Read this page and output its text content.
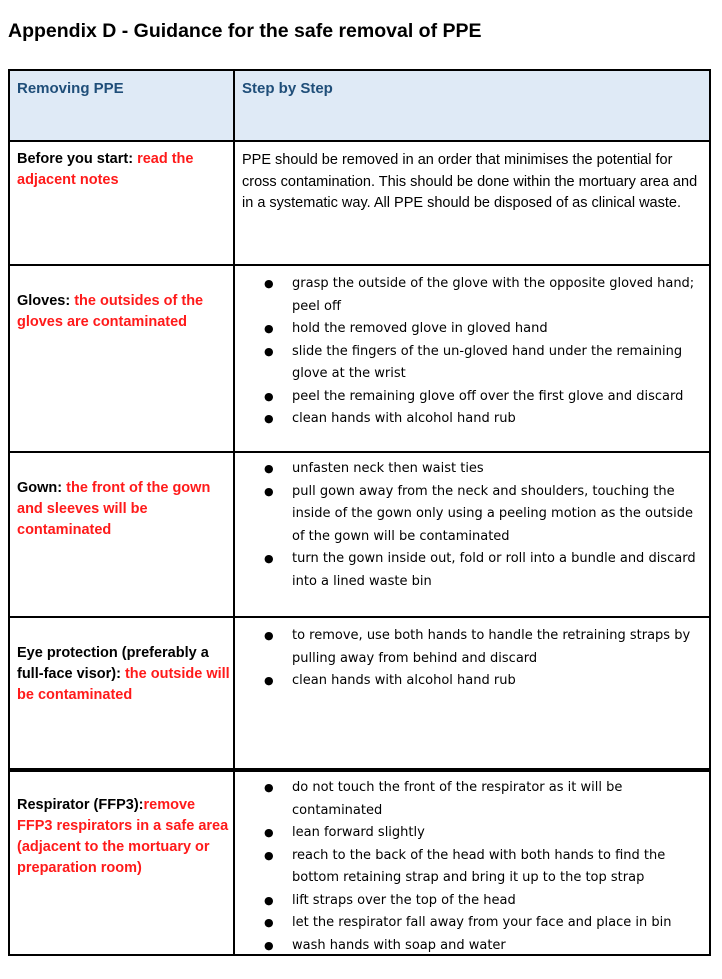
Appendix D - Guidance for the safe removal of PPE
Removing PPE	Step by Step
Before you start: read the adjacent notes
PPE should be removed in an order that minimises the potential for cross contamination. This should be done within the mortuary area and in a systematic way. All PPE should be disposed of as clinical waste.
Gloves: the outsides of the gloves are contaminated
● grasp the outside of the glove with the opposite gloved hand; peel off
● hold the removed glove in gloved hand
● slide the fingers of the un-gloved hand under the remaining glove at the wrist
● peel the remaining glove off over the first glove and discard
● clean hands with alcohol hand rub
Gown: the front of the gown and sleeves will be contaminated
● unfasten neck then waist ties
● pull gown away from the neck and shoulders, touching the inside of the gown only using a peeling motion as the outside of the gown will be contaminated
● turn the gown inside out, fold or roll into a bundle and discard into a lined waste bin
Eye protection (preferably a full-face visor): the outside will be contaminated
● to remove, use both hands to handle the retraining straps by pulling away from behind and discard
● clean hands with alcohol hand rub
Respirator (FFP3):remove FFP3 respirators in a safe area (adjacent to the mortuary or preparation room)
● do not touch the front of the respirator as it will be contaminated
● lean forward slightly
● reach to the back of the head with both hands to find the bottom retaining strap and bring it up to the top strap
● lift straps over the top of the head
● let the respirator fall away from your face and place in bin
● wash hands with soap and water
